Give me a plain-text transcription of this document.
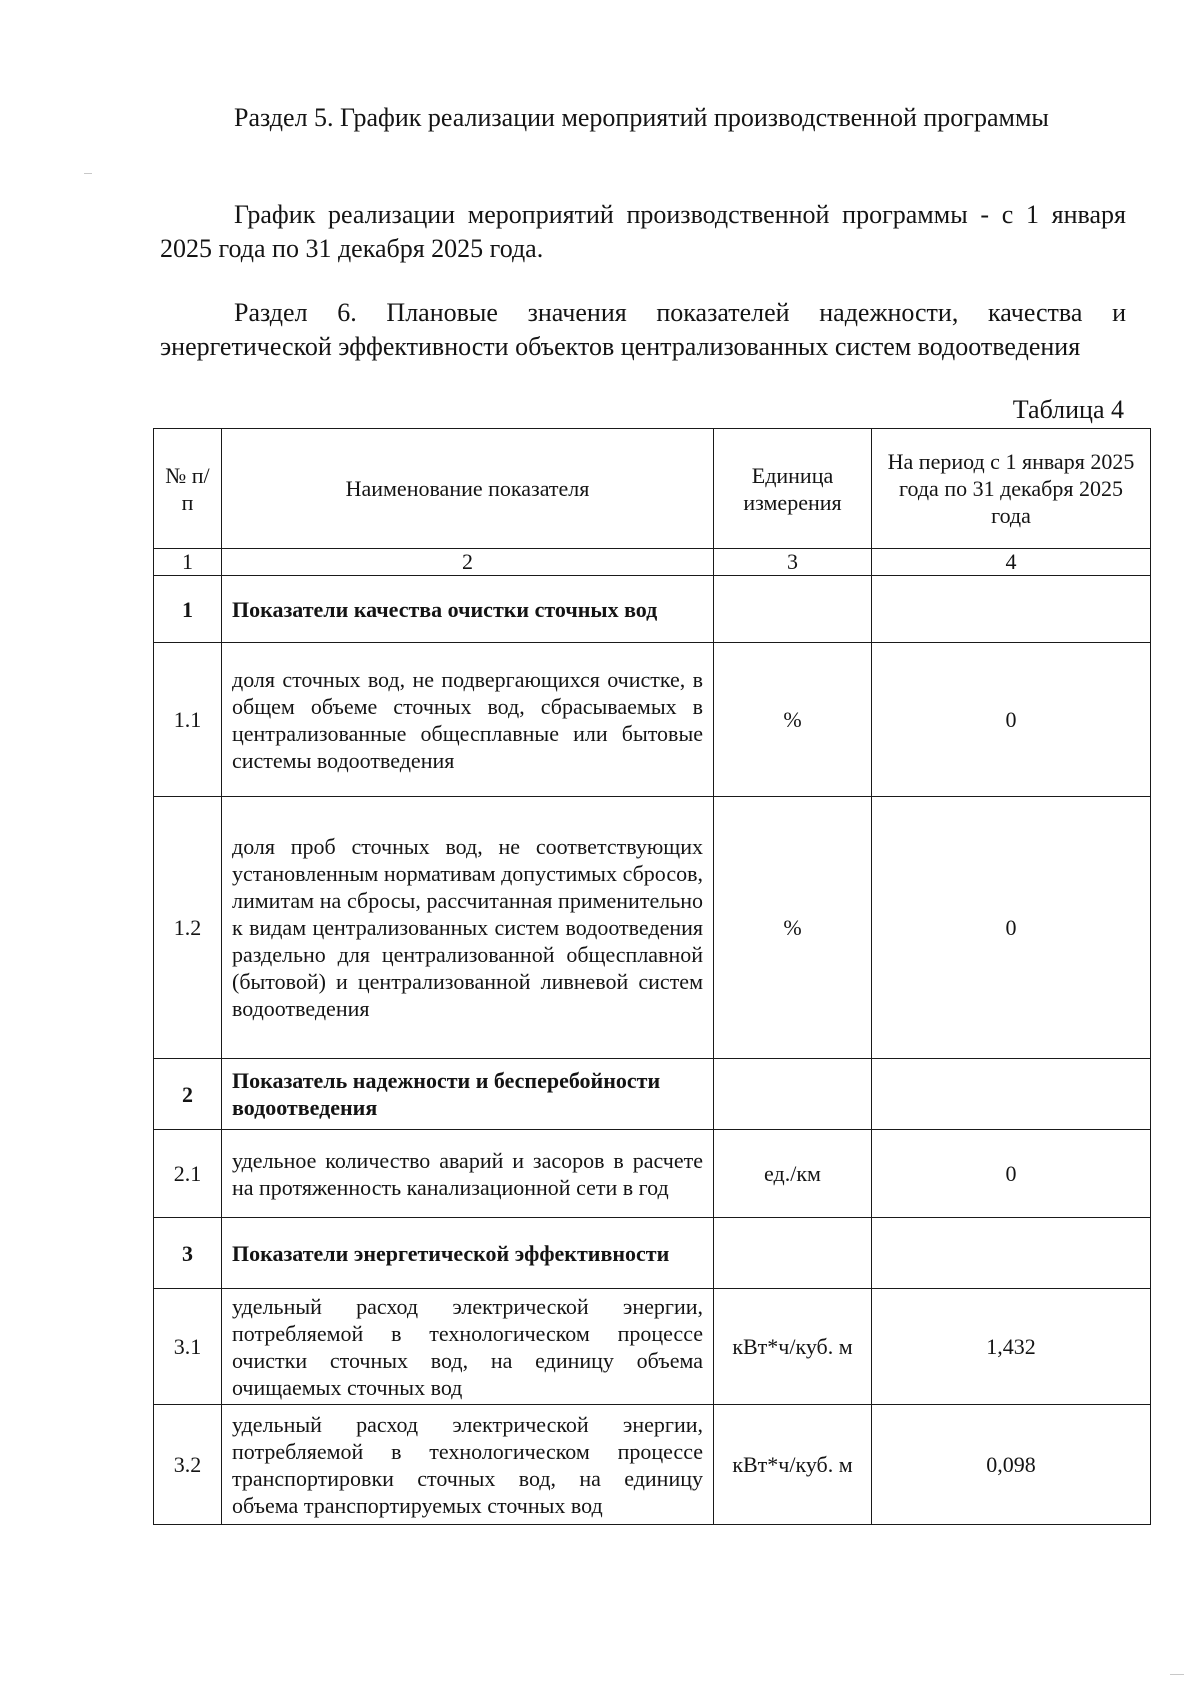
Раздел 5. График реализации мероприятий производственной программы

График реализации мероприятий производственной программы - с 1 января 2025 года по 31 декабря 2025 года.

Раздел 6. Плановые значения показателей надежности, качества и энергетической эффективности объектов централизованных систем водоотведения

Таблица 4

№ п/п	Наименование показателя	Единица измерения	На период с 1 января 2025 года по 31 декабря 2025 года
1	2	3	4
1	Показатели качества очистки сточных вод		
1.1	доля сточных вод, не подвергающихся очистке, в общем объеме сточных вод, сбрасываемых в централизованные общесплавные или бытовые системы водоотведения	%	0
1.2	доля проб сточных вод, не соответствующих установленным нормативам допустимых сбросов, лимитам на сбросы, рассчитанная применительно к видам централизованных систем водоотведения раздельно для централизованной общесплавной (бытовой) и централизованной ливневой систем водоотведения	%	0
2	Показатель надежности и бесперебойности водоотведения		
2.1	удельное количество аварий и засоров в расчете на протяженность канализационной сети в год	ед./км	0
3	Показатели энергетической эффективности		
3.1	удельный расход электрической энергии, потребляемой в технологическом процессе очистки сточных вод, на единицу объема очищаемых сточных вод	кВт*ч/куб. м	1,432
3.2	удельный расход электрической энергии, потребляемой в технологическом процессе транспортировки сточных вод, на единицу объема транспортируемых сточных вод	кВт*ч/куб. м	0,098
